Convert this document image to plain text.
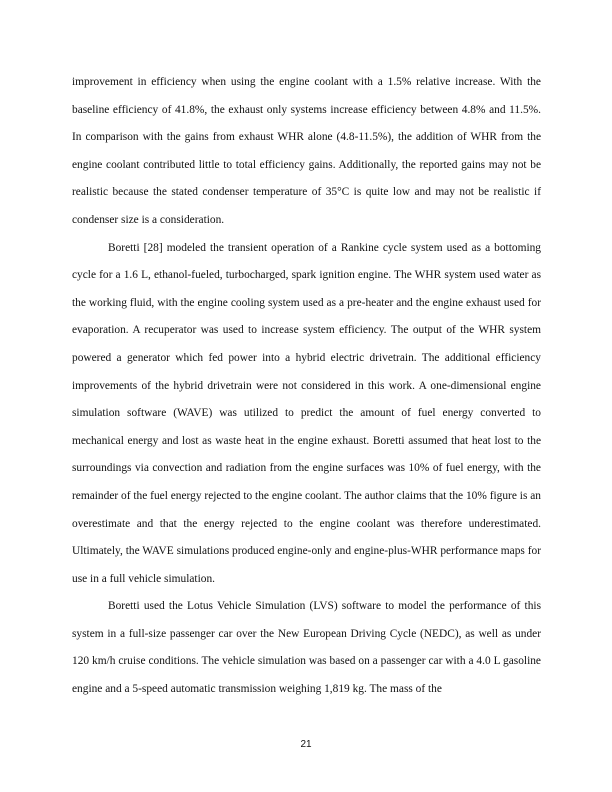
improvement in efficiency when using the engine coolant with a 1.5% relative increase. With the baseline efficiency of 41.8%, the exhaust only systems increase efficiency between 4.8% and 11.5%. In comparison with the gains from exhaust WHR alone (4.8-11.5%), the addition of WHR from the engine coolant contributed little to total efficiency gains. Additionally, the reported gains may not be realistic because the stated condenser temperature of 35°C is quite low and may not be realistic if condenser size is a consideration.

Boretti [28] modeled the transient operation of a Rankine cycle system used as a bottoming cycle for a 1.6 L, ethanol-fueled, turbocharged, spark ignition engine. The WHR system used water as the working fluid, with the engine cooling system used as a pre-heater and the engine exhaust used for evaporation. A recuperator was used to increase system efficiency. The output of the WHR system powered a generator which fed power into a hybrid electric drivetrain. The additional efficiency improvements of the hybrid drivetrain were not considered in this work. A one-dimensional engine simulation software (WAVE) was utilized to predict the amount of fuel energy converted to mechanical energy and lost as waste heat in the engine exhaust. Boretti assumed that heat lost to the surroundings via convection and radiation from the engine surfaces was 10% of fuel energy, with the remainder of the fuel energy rejected to the engine coolant. The author claims that the 10% figure is an overestimate and that the energy rejected to the engine coolant was therefore underestimated. Ultimately, the WAVE simulations produced engine-only and engine-plus-WHR performance maps for use in a full vehicle simulation.

Boretti used the Lotus Vehicle Simulation (LVS) software to model the performance of this system in a full-size passenger car over the New European Driving Cycle (NEDC), as well as under 120 km/h cruise conditions. The vehicle simulation was based on a passenger car with a 4.0 L gasoline engine and a 5-speed automatic transmission weighing 1,819 kg. The mass of the

21
